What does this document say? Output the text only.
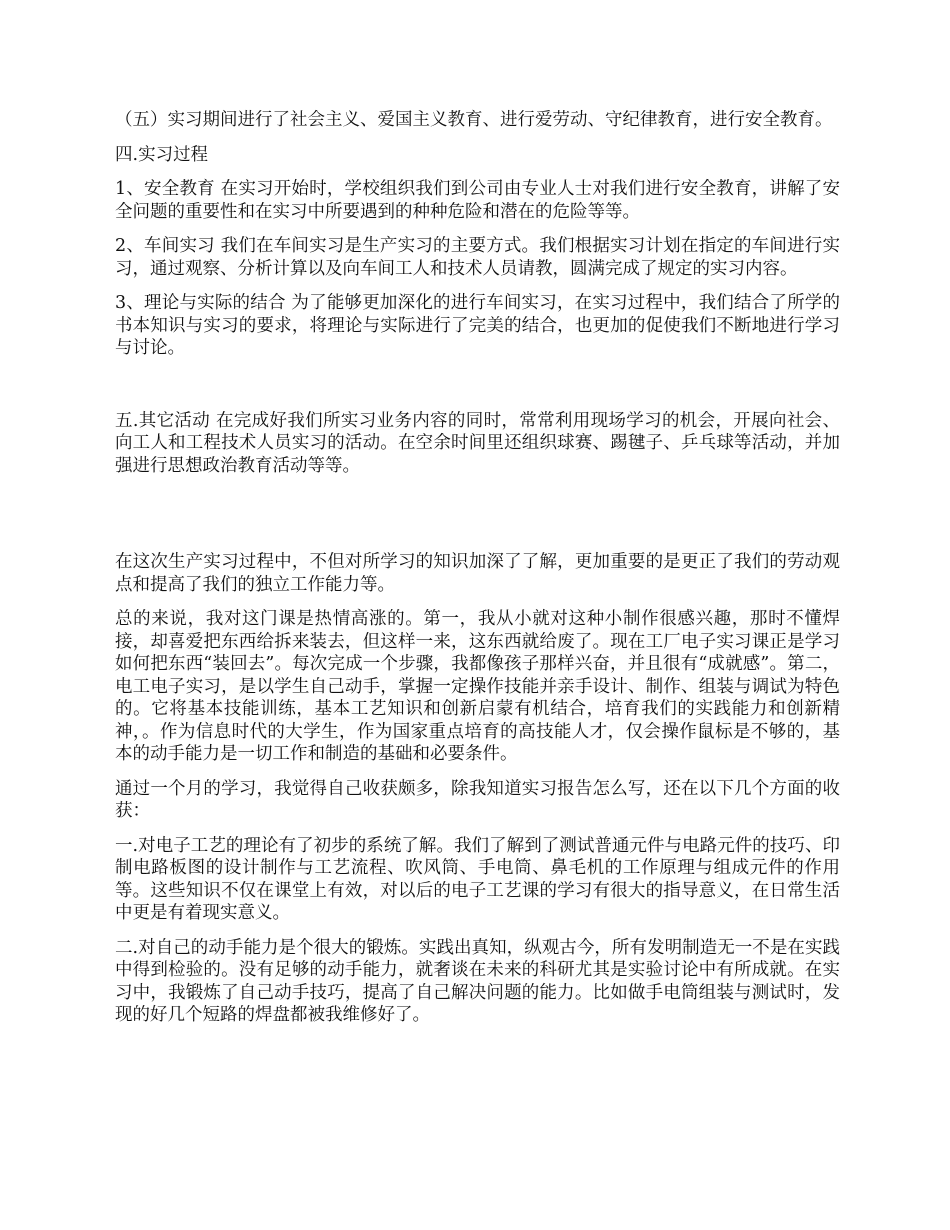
（五）实习期间进行了社会主义、爱国主义教育、进行爱劳动、守纪律教育，进行安全教育。

四.实习过程

1、安全教育 在实习开始时，学校组织我们到公司由专业人士对我们进行安全教育，讲解了安全问题的重要性和在实习中所要遇到的种种危险和潜在的危险等等。

2、车间实习 我们在车间实习是生产实习的主要方式。我们根据实习计划在指定的车间进行实习，通过观察、分析计算以及向车间工人和技术人员请教，圆满完成了规定的实习内容。

3、理论与实际的结合 为了能够更加深化的进行车间实习，在实习过程中，我们结合了所学的书本知识与实习的要求，将理论与实际进行了完美的结合，也更加的促使我们不断地进行学习与讨论。

五.其它活动 在完成好我们所实习业务内容的同时，常常利用现场学习的机会，开展向社会、向工人和工程技术人员实习的活动。在空余时间里还组织球赛、踢毽子、乒乓球等活动，并加强进行思想政治教育活动等等。

在这次生产实习过程中，不但对所学习的知识加深了了解，更加重要的是更正了我们的劳动观点和提高了我们的独立工作能力等。

总的来说，我对这门课是热情高涨的。第一，我从小就对这种小制作很感兴趣，那时不懂焊接，却喜爱把东西给拆来装去，但这样一来，这东西就给废了。现在工厂电子实习课正是学习如何把东西“装回去”。每次完成一个步骤，我都像孩子那样兴奋，并且很有“成就感”。第二，电工电子实习，是以学生自己动手，掌握一定操作技能并亲手设计、制作、组装与调试为特色的。它将基本技能训练，基本工艺知识和创新启蒙有机结合，培育我们的实践能力和创新精神，。作为信息时代的大学生，作为国家重点培育的高技能人才，仅会操作鼠标是不够的，基本的动手能力是一切工作和制造的基础和必要条件。

通过一个月的学习，我觉得自己收获颇多，除我知道实习报告怎么写，还在以下几个方面的收获：

一.对电子工艺的理论有了初步的系统了解。我们了解到了测试普通元件与电路元件的技巧、印制电路板图的设计制作与工艺流程、吹风筒、手电筒、鼻毛机的工作原理与组成元件的作用等。这些知识不仅在课堂上有效，对以后的电子工艺课的学习有很大的指导意义，在日常生活中更是有着现实意义。

二.对自己的动手能力是个很大的锻炼。实践出真知，纵观古今，所有发明制造无一不是在实践中得到检验的。没有足够的动手能力，就奢谈在未来的科研尤其是实验讨论中有所成就。在实习中，我锻炼了自己动手技巧，提高了自己解决问题的能力。比如做手电筒组装与测试时，发现的好几个短路的焊盘都被我维修好了。
